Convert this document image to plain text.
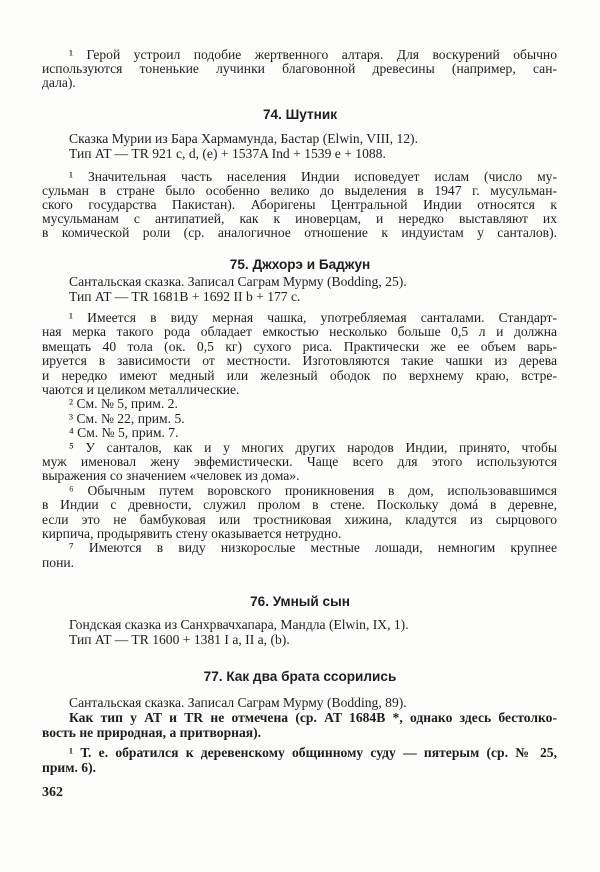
¹ Герой устроил подобие жертвенного алтаря. Для воскурений обычно
используются тоненькие лучинки благовонной древесины (например, сан-
дала).
74. Шутник
Сказка Мурии из Бара Хармамунда, Бастар (Elwin, VIII, 12).
Тип AT — TR 921 c, d, (e) + 1537A Ind + 1539 e + 1088.
¹ Значительная часть населения Индии исповедует ислам (число му-
сульман в стране было особенно велико до выделения в 1947 г. мусульман-
ского государства Пакистан). Аборигены Центральной Индии относятся к
мусульманам с антипатией, как к иноверцам, и нередко выставляют их
в комической роли (ср. аналогичное отношение к индуистам у санталов).
75. Джхорэ и Баджун
Сантальская сказка. Записал Саграм Мурму (Bodding, 25).
Тип AT — TR 1681B + 1692 II b + 177 c.
¹ Имеется в виду мерная чашка, употребляемая санталами. Стандарт-
ная мерка такого рода обладает емкостью несколько больше 0,5 л и должна
вмещать 40 тола (ок. 0,5 кг) сухого риса. Практически же ее объем варь-
ируется в зависимости от местности. Изготовляются такие чашки из дерева
и нередко имеют медный или железный ободок по верхнему краю, встре-
чаются и целиком металлические.
² См. № 5, прим. 2.
³ См. № 22, прим. 5.
⁴ См. № 5, прим. 7.
⁵ У санталов, как и у многих других народов Индии, принято, чтобы
муж именовал жену эвфемистически. Чаще всего для этого используются
выражения со значением «человек из дома».
⁶ Обычным путем воровского проникновения в дом, использовавшимся
в Индии с древности, служил пролом в стене. Поскольку домá в деревне,
если это не бамбуковая или тростниковая хижина, кладутся из сырцового
кирпича, продырявить стену оказывается нетрудно.
⁷ Имеются в виду низкорослые местные лошади, немногим крупнее
пони.
76. Умный сын
Гондская сказка из Санхрвачхапара, Мандла (Elwin, IX, 1).
Тип AT — TR 1600 + 1381 I a, II a, (b).
77. Как два брата ссорились
Сантальская сказка. Записал Саграм Мурму (Bodding, 89).
Как тип у AT и TR не отмечена (ср. AT 1684B *, однако здесь бестолко-
вость не природная, а притворная).
¹ Т. е. обратился к деревенскому общинному суду — пятерым (ср. № 25,
прим. 6).
362
